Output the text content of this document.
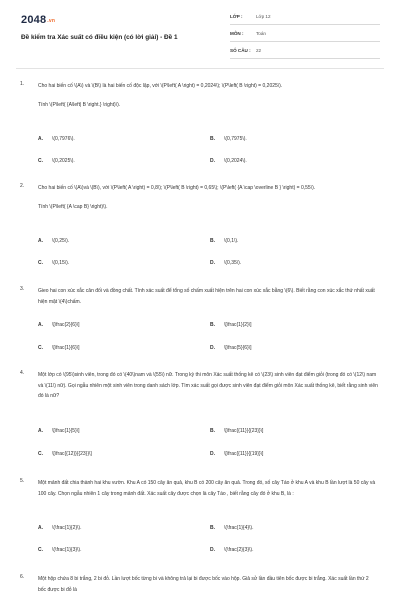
2048.vn
Đề kiểm tra Xác suất có điều kiện (có lời giải) - Đề 1
LỚP :	Lớp 12
MÔN :	Toán
SỐ CÂU :	22
1.	Cho hai biến cố \(A\) và \(B\) là hai biến cố độc lập, với \(P\left( A \right) = 0,2024\); \(P\left( B \right) = 0,2025\).

Tính \(P\left( {A\left| B \right.} \right)\).

A. \(0,7976\).	B. \(0,7975\).
C. \(0,2025\).	D. \(0,2024\).
2.	Cho hai biến cố \(A\)và \(B\), với \(P\left( A \right) = 0,8\); \(P\left( B \right) = 0,65\); \(P\left( {A \cap \overline B } \right) = 0,55\).

Tính \(P\left( {A \cap B} \right)\).

A. \(0,25\).	B. \(0,1\).
C. \(0,15\).	D. \(0,35\).
3.	Gieo hai con xúc xắc cân đối và đồng chất. Tính xác suất để tổng số chấm xuất hiện trên hai con xúc xắc bằng \(6\). Biết rằng con xúc xắc thứ nhất xuất hiện mặt \(4\)chấm.

A. \[\frac{2}{6}\]	B. \[\frac{1}{2}\]
C. \[\frac{1}{6}\]	D. \[\frac{5}{6}\]
4.	Một lớp có \(95\)sinh viên, trong đó có \(40\)nam và \(55\) nữ. Trong kỳ thi môn Xác suất thống kê có \(23\) sinh viên đạt điểm giỏi (trong đó có \(12\) nam và \(11\) nữ). Gọi ngẫu nhiên một sinh viên trong danh sách lớp. Tìm xác suất gọi được sinh viên đạt điểm giỏi môn Xác suất thống kê, biết rằng sinh viên đó là nữ?

A. \[\frac{1}{5}\]	B. \[\frac{{11}}{{23}}\]
C. \[\frac{{12}}{{23}}\]	D. \[\frac{{11}}{{19}}\]
5.	Một mảnh đất chia thành hai khu vườn. Khu A có 150 cây ăn quả, khu B có 200 cây ăn quả. Trong đó, số cây Táo ở khu A và khu B lần lượt là 50 cây và 100 cây. Chọn ngẫu nhiên 1 cây trong mảnh đất. Xác suất cây được chọn là cây Táo , biết rằng cây đó ở khu B, là :

A. \(\frac{1}{2}\).	B. \(\frac{1}{4}\).
C. \(\frac{1}{3}\).	D. \(\frac{2}{3}\).
6.	Một hộp chứa 8 bi trắng, 2 bi đỏ. Lần lượt bốc từng bi và không trả lại bi được bốc vào hộp. Giả sử lần đầu tiên bốc được bi trắng. Xác suất lần thứ 2 bốc được bi đỏ là
